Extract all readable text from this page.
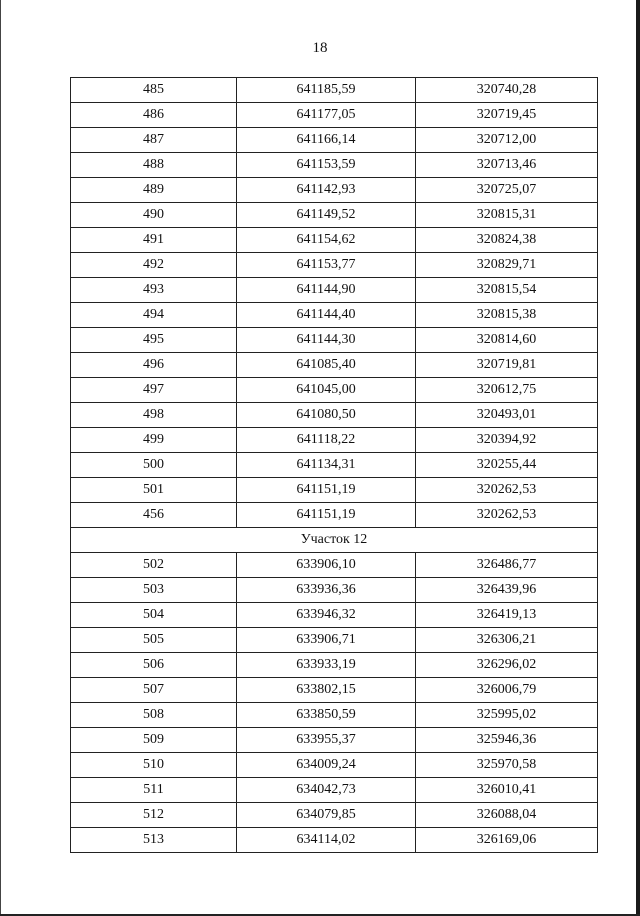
18
485	641185,59	320740,28
486	641177,05	320719,45
487	641166,14	320712,00
488	641153,59	320713,46
489	641142,93	320725,07
490	641149,52	320815,31
491	641154,62	320824,38
492	641153,77	320829,71
493	641144,90	320815,54
494	641144,40	320815,38
495	641144,30	320814,60
496	641085,40	320719,81
497	641045,00	320612,75
498	641080,50	320493,01
499	641118,22	320394,92
500	641134,31	320255,44
501	641151,19	320262,53
456	641151,19	320262,53
Участок 12		
502	633906,10	326486,77
503	633936,36	326439,96
504	633946,32	326419,13
505	633906,71	326306,21
506	633933,19	326296,02
507	633802,15	326006,79
508	633850,59	325995,02
509	633955,37	325946,36
510	634009,24	325970,58
511	634042,73	326010,41
512	634079,85	326088,04
513	634114,02	326169,06
